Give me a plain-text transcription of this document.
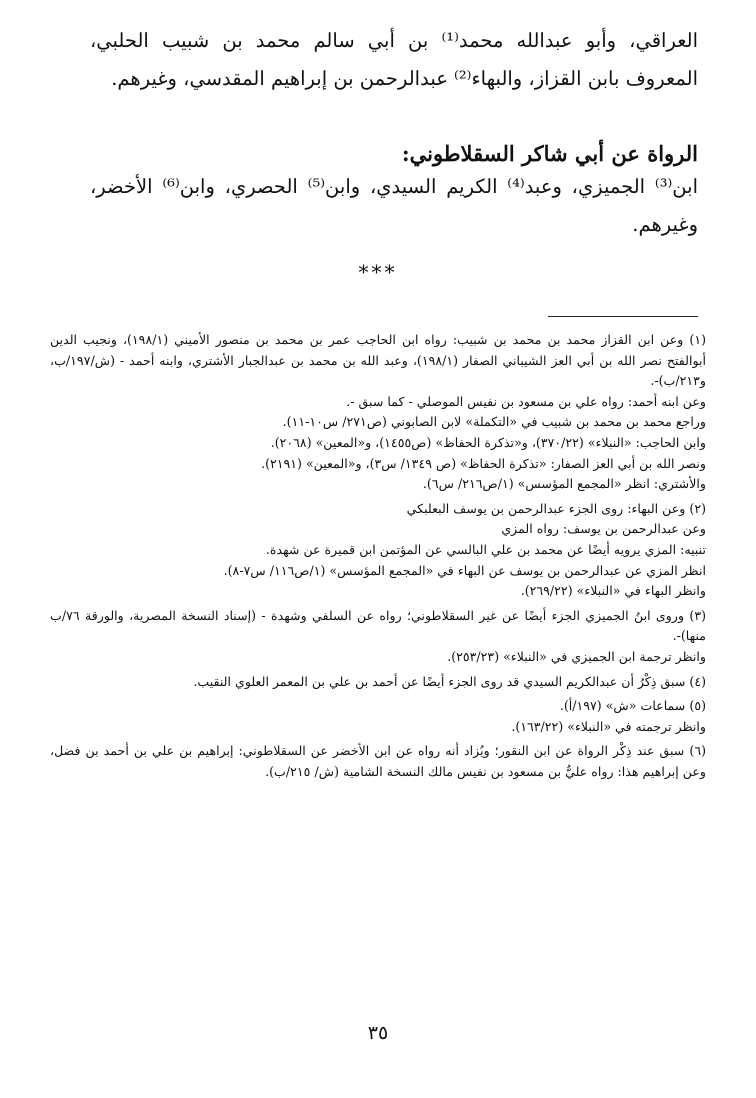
العراقي، وأبو عبدالله محمد⁽¹⁾ بن أبي سالم محمد بن شبيب الحلبي، المعروف بابن القزاز، والبهاء⁽²⁾ عبدالرحمن بن إبراهيم المقدسي، وغيرهم.

الرواة عن أبي شاكر السقلاطوني:
ابن⁽³⁾ الجميزي، وعبد⁽⁴⁾ الكريم السيدي، وابن⁽⁵⁾ الحصري، وابن⁽⁶⁾ الأخضر، وغيرهم.
***
(١) وعن ابن القزاز محمد بن محمد بن شبيب: رواه ابن الحاجب عمر بن محمد بن منصور الأميني (١٩٨/١)، ونجيب الدين أبوالفتح نصر الله بن أبي العز الشيباني الصفار (١٩٨/١)، وعبد الله بن محمد بن عبدالجبار الأشتري، وابنه أحمد - (ش/١٩٧/ب، و٢١٣/ب)-.
وعن ابنه أحمد: رواه علي بن مسعود بن نفيس الموصلي - كما سبق -.
وراجع محمد بن محمد بن شبيب في «التكملة» لابن الصابوني (ص٢٧١/ س١٠-١١).
وابن الحاجب: «النبلاء» (٣٧٠/٢٢)، و«تذكرة الحفاظ» (ص١٤٥٥)، و«المعين» (٢٠٦٨).
ونصر الله بن أبي العز الصفار: «تذكرة الحفاظ» (ص ١٣٤٩/ س٣)، و«المعين» (٢١٩١).
والأشتري: انظر «المجمع المؤسس» (١/ص٢١٦/ س٦).
(٢) وعن البهاء: روى الجزء عبدالرحمن بن يوسف البعلبكي
وعن عبدالرحمن بن يوسف: رواه المزي
تنبيه: المزي يرويه أيضًا عن محمد بن علي البالسي عن المؤتمن ابن قميرة عن شهدة.
انظر المزي عن عبدالرحمن بن يوسف عن البهاء في «المجمع المؤسس» (١/ص١١٦/ س٧-٨).
وانظر البهاء في «النبلاء» (٢٦٩/٢٢).
(٣) وروى ابنُ الجميزي الجزء أيضًا عن غير السقلاطوني؛ رواه عن السلفي وشهدة - (إسناد النسخة المصرية، والورقة ٧٦/ب منها)-.
وانظر ترجمة ابن الجميزي في «النبلاء» (٢٥٣/٢٣).
(٤) سبق ذِكْرُ أن عبدالكريم السيدي قد روى الجزء أيضًا عن أحمد بن علي بن المعمر العلوي النقيب.
(٥) سماعات «ش» (١٩٧/أ).
وانظر ترجمته في «النبلاء» (١٦٣/٢٢).
(٦) سبق عند ذِكْر الرواة عن ابن النقور؛ ويُزاد أنه رواه عن ابن الأخضر عن السقلاطوني: إبراهيم بن علي بن أحمد بن فضل، وعن إبراهيم هذا: رواه عليُّ بن مسعود بن نفيس مالك النسخة الشامية (ش/ ٢١٥/ب).
٣٥
